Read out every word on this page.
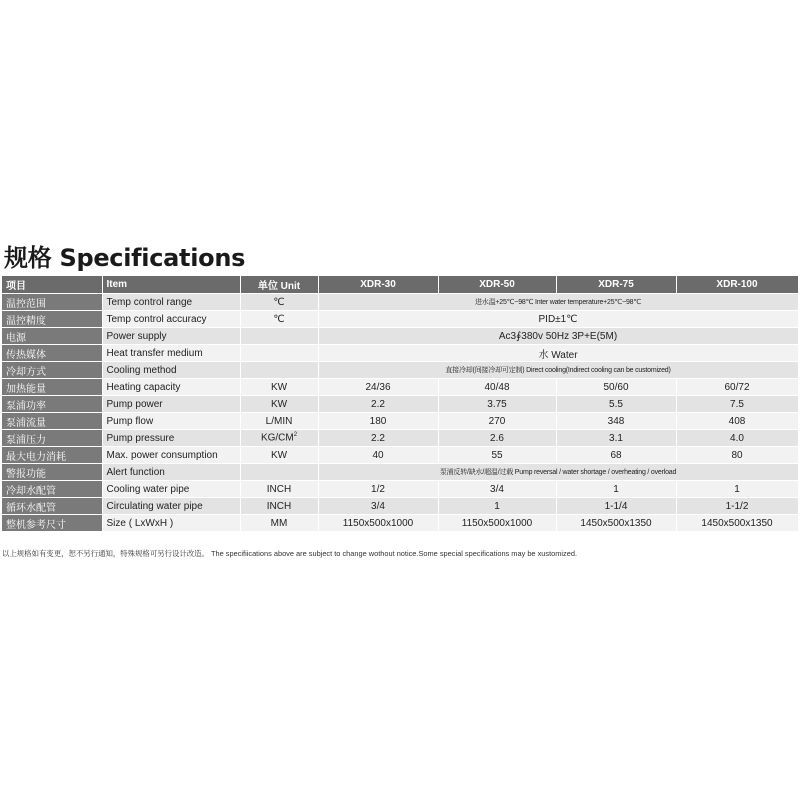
规格 Specifications
项目	Item	单位 Unit	XDR-30	XDR-50	XDR-75	XDR-100
温控范围	Temp control range	℃	进水温+25℃~98℃ Inter water temperature+25℃~98℃			
温控精度	Temp control accuracy	℃	PID±1℃			
电源	Power supply		Ac3∮380v 50Hz 3P+E(5M)			
传热媒体	Heat transfer medium		水 Water			
冷却方式	Cooling method		直接冷却(间接冷却可定制) Direct cooling(Indirect cooling can be customized)			
加热能量	Heating capacity	KW	24/36	40/48	50/60	60/72
泵浦功率	Pump power	KW	2.2	3.75	5.5	7.5
泵浦流量	Pump flow	L/MIN	180	270	348	408
泵浦压力	Pump pressure	$KG/CM^2$	2.2	2.6	3.1	4.0
最大电力消耗	Max. power consumption	KW	40	55	68	80
警报功能	Alert function		泵浦反转/缺水/超温/过载 Pump reversal / water shortage / overheating / overload			
冷却水配管	Cooling water pipe	INCH	1/2	3/4	1	1
循环水配管	Circulating water pipe	INCH	3/4	1	1-1/4	1-1/2
整机参考尺寸	Size ( LxWxH )	MM	1150x500x1000	1150x500x1000	1450x500x1350	1450x500x1350
以上规格如有变更，恕不另行通知，特殊规格可另行设计改造。 The specifiications above are subject to change wothout notice.Some special specifications may be xustomized.
